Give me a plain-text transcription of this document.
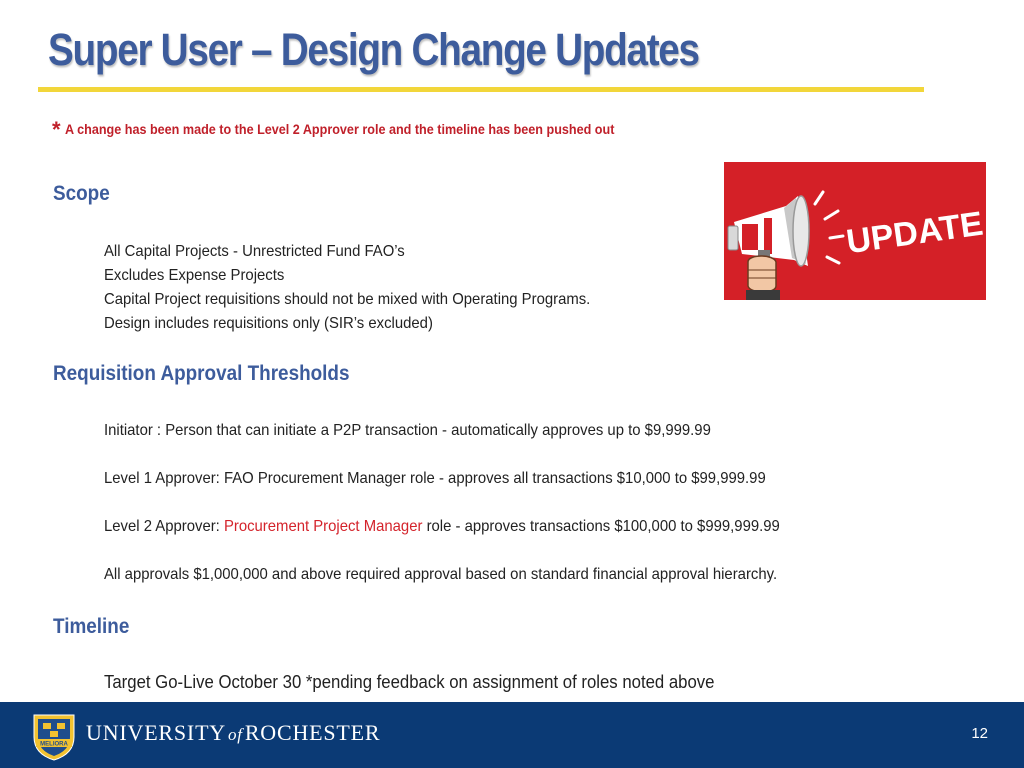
Super User – Design Change Updates
* A change has been made to the Level 2 Approver role and the timeline has been pushed out
Scope
All Capital Projects - Unrestricted Fund FAO’s
Excludes Expense Projects
Capital Project requisitions should not be mixed with Operating Programs.
Design includes requisitions only (SIR’s excluded)
UPDATE
Requisition Approval Thresholds
Initiator : Person that can initiate a P2P transaction - automatically approves up to $9,999.99
Level 1 Approver: FAO Procurement Manager role - approves all transactions $10,000 to $99,999.99
Level 2 Approver: Procurement Project Manager role - approves transactions $100,000 to $999,999.99
All approvals $1,000,000 and above required approval based on standard financial approval hierarchy.
Timeline
Target Go-Live October 30 *pending feedback on assignment of roles noted above
MELIORA UNIVERSITY ofROCHESTER	12
